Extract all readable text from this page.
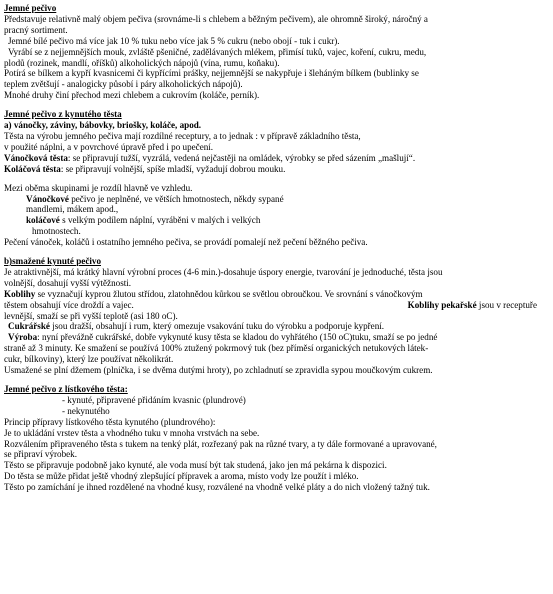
Jemné pečivo

Představuje relativně malý objem pečiva (srovnáme-li s chlebem a běžným pečivem), ale ohromně široký, náročný a

pracný sortiment.

Jemné bílé pečivo má více jak 10 % tuku nebo více jak 5 % cukru (nebo obojí - tuk i cukr).

Vyrábí se z nejjemnějších mouk, zvláště pšeničné, zadělávaných mlékem, přimísí tuků, vajec, koření, cukru, medu,

plodů (rozinek, mandlí, oříšků) alkoholických nápojů (vína, rumu, koňaku).

Potírá se bílkem a kypří kvasnicemi či kypřícími prášky, nejjemnější se nakypřuje i šleháným bílkem (bublinky se

teplem zvětšují - analogicky působí i páry alkoholických nápojů).

Mnohé druhy činí přechod mezi chlebem a cukrovím (koláče, perník).

Jemné pečivo z kynutého těsta

a) vánočky, záviny, bábovky, briošky, koláče, apod.

Těsta na výrobu jemného pečiva mají rozdílné receptury, a to jednak : v přípravě základního těsta,

v použité náplni, a v povrchové úpravě před i po upečení.

Vánočková těsta: se připravují tužší, vyzrálá, vedená nejčastěji na omládek, výrobky se před sázením „mašlují“.

Koláčová těsta: se připravují volnější, spíše mladší, vyžadují dobrou mouku.

Mezi oběma skupinami je rozdíl hlavně ve vzhledu.

Vánočkové pečivo je neplněné, ve větších hmotnostech, někdy sypané

mandlemi, mákem apod.,

koláčové s velkým podílem náplní, vyráběni v malých i velkých

hmotnostech.

Pečení vánoček, koláčů i ostatního jemného pečiva, se provádí pomalejí než pečení běžného pečiva.

b)smažené kynuté pečivo

Je atraktivnější, má krátký hlavní výrobní proces (4-6 min.)-dosahuje úspory energie, tvarování je jednoduché, těsta jsou

volnější, dosahují vyšší výtěžnosti.

Koblihy se vyznačují kyprou žlutou střídou, zlatohnědou kůrkou se světlou obroučkou. Ve srovnání s vánočkovým

těstem obsahují více droždí a vajec.	Koblihy pekařské jsou v receptuře

levnější, smaží se při vyšší teplotě (asi 180 oC).

Cukrářské jsou dražší, obsahují i rum, který omezuje vsakování tuku do výrobku a podporuje kypření.

Výroba: nyní převážně cukrářské, dobře vykynuté kusy těsta se kladou do vyhřátého (150 oC)tuku, smaží se po jedné

straně až 3 minuty. Ke smažení se používá 100% ztužený pokrmový tuk (bez příměsí organických netukových látek-

cukr, bílkoviny), který lze používat několikrát.

Usmažené se plní džemem (plnička, i se dvěma dutými hroty), po zchladnutí se zpravidla sypou moučkovým cukrem.

Jemné pečivo z lístkového těsta:

- kynuté, připravené přidáním kvasnic (plundrové)

- nekynutého

Princip přípravy lístkového těsta kynutého (plundrového):

Je to ukládání vrstev těsta a vhodného tuku v mnoha vrstvách na sebe.

Rozválením připraveného těsta s tukem na tenký plát, rozřezaný pak na různé tvary, a ty dále formované a upravované,

se připraví výrobek.

Těsto se připravuje podobně jako kynuté, ale voda musí být tak studená, jako jen má pekárna k dispozici.

Do těsta se může přidat ještě vhodný zlepšující přípravek a aroma, místo vody lze použít i mléko.

Těsto po zamíchání je ihned rozdělené na vhodné kusy, rozválené na vhodně velké pláty a do nich vložený tažný tuk.
